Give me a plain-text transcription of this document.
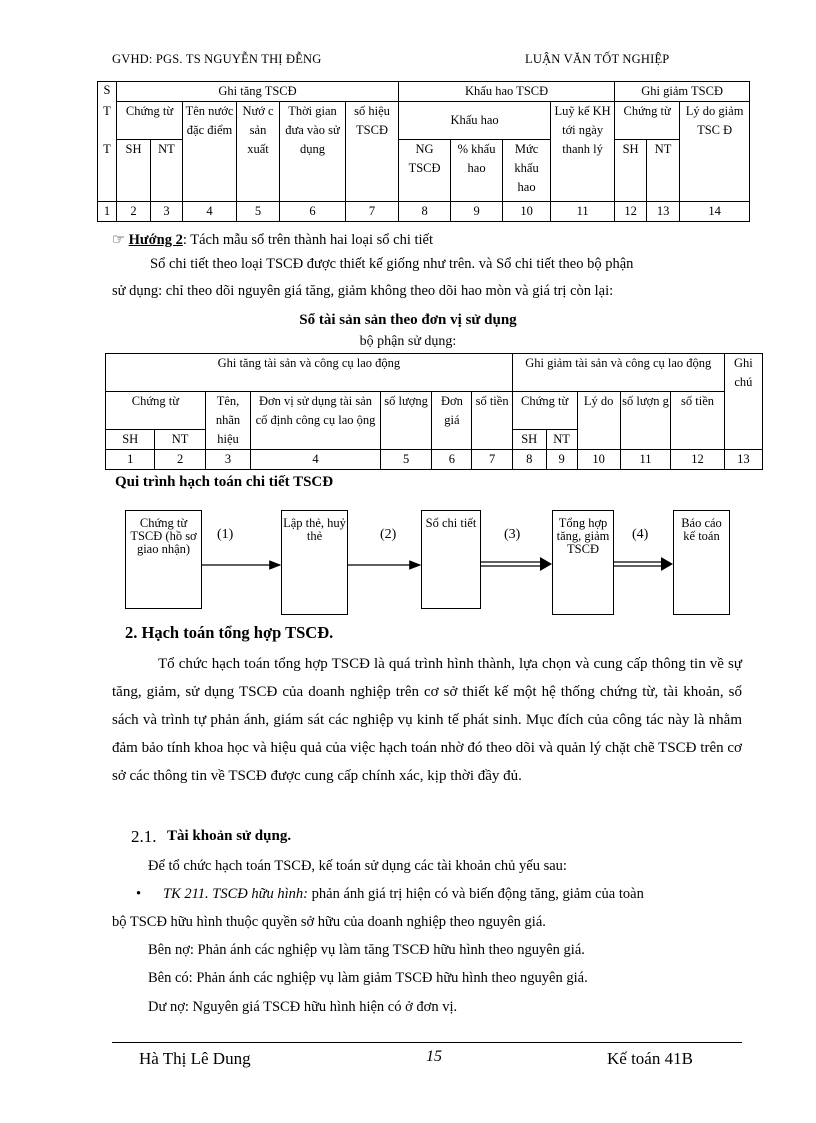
GVHD: PGS. TS NGUYỄN THỊ ĐỄNG	LUẬN VĂN TỐT NGHIỆP
S	Ghi tăng TSCĐ						Khấu hao TSCĐ				Ghi giảm TSCĐ		
T	Chứng từ		Tên nước đặc điểm	Nướ c sản xuất	Thời gian đưa vào sử dụng	số hiệu TSCĐ	Khấu hao			Luỹ kế KH tới ngày thanh lý	Chứng từ		Lý do giảm TSC Đ
T	SH	NT					NG TSCĐ	% khấu hao	Mức khấu hao		SH	NT	
1	2	3	4	5	6	7	8	9	10	11	12	13	14
☞ Hướng 2: Tách mẫu sổ trên thành hai loại sổ chi tiết
Sổ chi tiết theo loại TSCĐ được thiết kế giống như trên. và Sổ chi tiết theo bộ phận
sử dụng: chỉ theo dõi nguyên giá tăng, giảm không theo dõi hao mòn và giá trị còn lại:
Sổ tài sản sản theo đơn vị sử dụng
bộ phận sử dụng:
Ghi tăng tài sản và công cụ lao động							Ghi giảm tài sản và công cụ lao động					Ghi chú
Chứng từ		Tên, nhãn hiệu	Đơn vị sử dụng tài sản cố định công cụ lao ộng	số lượng	Đơn giá	số tiền	Chứng từ		Lý do	số lượn g	số tiền	
SH	NT						SH	NT				
1	2	3	4	5	6	7	8	9	10	11	12	13
Qui trình hạch toán chi tiết TSCĐ
Chứng từ TSCĐ (hồ sơ giao nhận)
Lập thẻ, huỷ thẻ
Sổ chi tiết	Tổng hợp tăng, giảm TSCĐ
Báo cáo kế toán
(1)	(2)	(3)	(4)
2. Hạch toán tổng hợp TSCĐ.
Tổ chức hạch toán tổng hợp TSCĐ là quá trình hình thành, lựa chọn và cung cấp thông tin về sự tăng, giảm, sử dụng TSCĐ của doanh nghiệp trên cơ sở thiết kế một hệ thống chứng từ, tài khoản, sổ sách và trình tự phản ánh, giám sát các nghiệp vụ kinh tế phát sinh. Mục đích của công tác này là nhằm đảm bảo tính khoa học và hiệu quả của việc hạch toán nhờ đó theo dõi và quản lý chặt chẽ TSCĐ trên cơ sở các thông tin về TSCĐ được cung cấp chính xác, kịp thời đầy đủ.
2.1. Tài khoản sử dụng.
Để tổ chức hạch toán TSCĐ, kế toán sử dụng các tài khoản chủ yếu sau:
• TK 211. TSCĐ hữu hình: phản ánh giá trị hiện có và biến động tăng, giảm của toàn
bộ TSCĐ hữu hình thuộc quyền sở hữu của doanh nghiệp theo nguyên giá.
Bên nợ: Phản ánh các nghiệp vụ làm tăng TSCĐ hữu hình theo nguyên giá.
Bên có: Phản ánh các nghiệp vụ làm giảm TSCĐ hữu hình theo nguyên giá.
Dư nợ: Nguyên giá TSCĐ hữu hình hiện có ở đơn vị.
Hà Thị Lê Dung	15	Kế toán 41B
